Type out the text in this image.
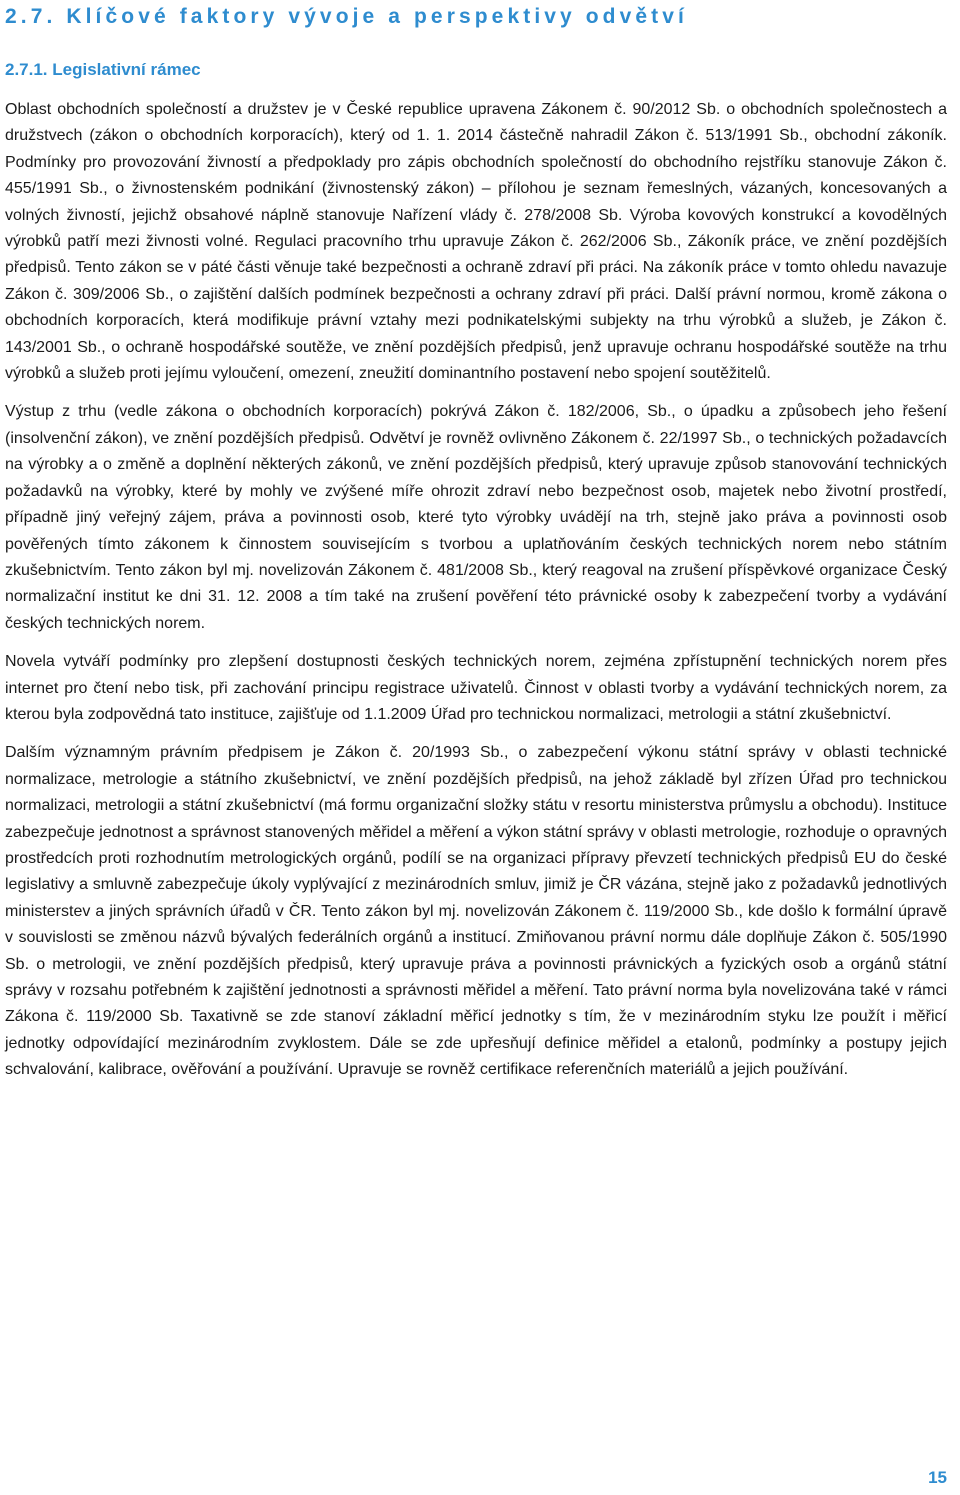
2.7. Klíčové faktory vývoje a perspektivy odvětví
2.7.1. Legislativní rámec

Oblast obchodních společností a družstev je v České republice upravena Zákonem č. 90/2012 Sb. o obchodních společnostech a družstvech (zákon o obchodních korporacích), který od 1. 1. 2014 částečně nahradil Zákon č. 513/1991 Sb., obchodní zákoník. Podmínky pro provozování živností a předpoklady pro zápis obchodních společností do obchodního rejstříku stanovuje Zákon č. 455/1991 Sb., o živnostenském podnikání (živnostenský zákon) – přílohou je seznam řemeslných, vázaných, koncesovaných a volných živností, jejichž obsahové náplně stanovuje Nařízení vlády č. 278/2008 Sb. Výroba kovových konstrukcí a kovodělných výrobků patří mezi živnosti volné. Regulaci pracovního trhu upravuje Zákon č. 262/2006 Sb., Zákoník práce, ve znění pozdějších předpisů. Tento zákon se v páté části věnuje také bezpečnosti a ochraně zdraví při práci. Na zákoník práce v tomto ohledu navazuje Zákon č. 309/2006 Sb., o zajištění dalších podmínek bezpečnosti a ochrany zdraví při práci. Další právní normou, kromě zákona o obchodních korporacích, která modifikuje právní vztahy mezi podnikatelskými subjekty na trhu výrobků a služeb, je Zákon č. 143/2001 Sb., o ochraně hospodářské soutěže, ve znění pozdějších předpisů, jenž upravuje ochranu hospodářské soutěže na trhu výrobků a služeb proti jejímu vyloučení, omezení, zneužití dominantního postavení nebo spojení soutěžitelů.

Výstup z trhu (vedle zákona o obchodních korporacích) pokrývá Zákon č. 182/2006, Sb., o úpadku a způsobech jeho řešení (insolvenční zákon), ve znění pozdějších předpisů. Odvětví je rovněž ovlivněno Zákonem č. 22/1997 Sb., o technických požadavcích na výrobky a o změně a doplnění některých zákonů, ve znění pozdějších předpisů, který upravuje způsob stanovování technických požadavků na výrobky, které by mohly ve zvýšené míře ohrozit zdraví nebo bezpečnost osob, majetek nebo životní prostředí, případně jiný veřejný zájem, práva a povinnosti osob, které tyto výrobky uvádějí na trh, stejně jako práva a povinnosti osob pověřených tímto zákonem k činnostem souvisejícím s tvorbou a uplatňováním českých technických norem nebo státním zkušebnictvím. Tento zákon byl mj. novelizován Zákonem č. 481/2008 Sb., který reagoval na zrušení příspěvkové organizace Český normalizační institut ke dni 31. 12. 2008 a tím také na zrušení pověření této právnické osoby k zabezpečení tvorby a vydávání českých technických norem.

Novela vytváří podmínky pro zlepšení dostupnosti českých technických norem, zejména zpřístupnění technických norem přes internet pro čtení nebo tisk, při zachování principu registrace uživatelů. Činnost v oblasti tvorby a vydávání technických norem, za kterou byla zodpovědná tato instituce, zajišťuje od 1.1.2009 Úřad pro technickou normalizaci, metrologii a státní zkušebnictví.

Dalším významným právním předpisem je Zákon č. 20/1993 Sb., o zabezpečení výkonu státní správy v oblasti technické normalizace, metrologie a státního zkušebnictví, ve znění pozdějších předpisů, na jehož základě byl zřízen Úřad pro technickou normalizaci, metrologii a státní zkušebnictví (má formu organizační složky státu v resortu ministerstva průmyslu a obchodu). Instituce zabezpečuje jednotnost a správnost stanovených měřidel a měření a výkon státní správy v oblasti metrologie, rozhoduje o opravných prostředcích proti rozhodnutím metrologických orgánů, podílí se na organizaci přípravy převzetí technických předpisů EU do české legislativy a smluvně zabezpečuje úkoly vyplývající z mezinárodních smluv, jimiž je ČR vázána, stejně jako z požadavků jednotlivých ministerstev a jiných správních úřadů v ČR. Tento zákon byl mj. novelizován Zákonem č. 119/2000 Sb., kde došlo k formální úpravě v souvislosti se změnou názvů bývalých federálních orgánů a institucí. Zmiňovanou právní normu dále doplňuje Zákon č. 505/1990 Sb. o metrologii, ve znění pozdějších předpisů, který upravuje práva a povinnosti právnických a fyzických osob a orgánů státní správy v rozsahu potřebném k zajištění jednotnosti a správnosti měřidel a měření. Tato právní norma byla novelizována také v rámci Zákona č. 119/2000 Sb. Taxativně se zde stanoví základní měřicí jednotky s tím, že v mezinárodním styku lze použít i měřicí jednotky odpovídající mezinárodním zvyklostem. Dále se zde upřesňují definice měřidel a etalonů, podmínky a postupy jejich schvalování, kalibrace, ověřování a používání. Upravuje se rovněž certifikace referenčních materiálů a jejich používání.

15
